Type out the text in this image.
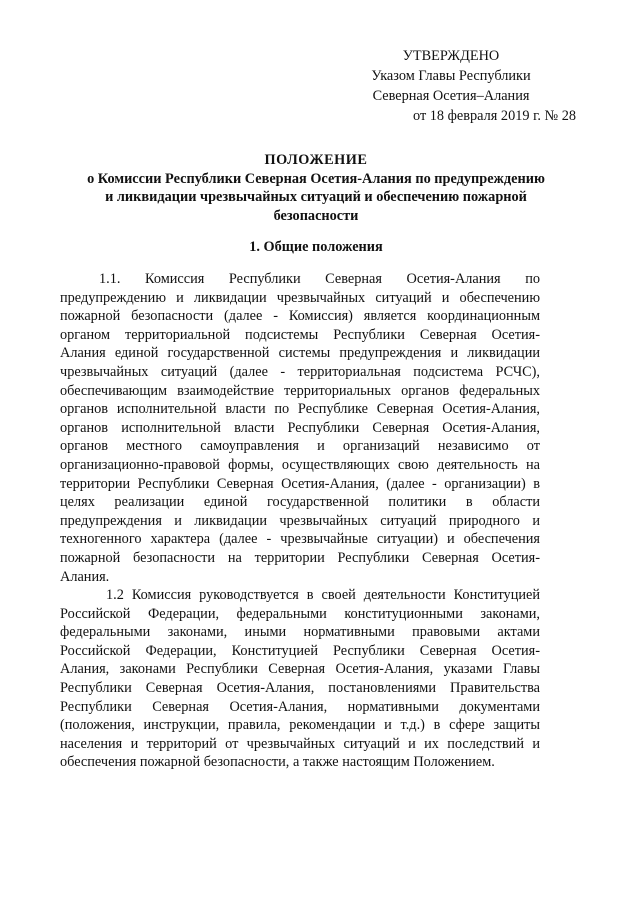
УТВЕРЖДЕНО
Указом Главы Республики
Северная Осетия–Алания
от 18 февраля 2019 г. № 28
ПОЛОЖЕНИЕ
о Комиссии Республики Северная Осетия-Алания по предупреждению
и ликвидации чрезвычайных ситуаций и обеспечению пожарной
безопасности
1. Общие положения
1.1. Комиссия Республики Северная Осетия-Алания по
предупреждению и ликвидации чрезвычайных ситуаций и обеспечению
пожарной безопасности (далее - Комиссия) является координационным
органом территориальной подсистемы Республики Северная Осетия-
Алания единой государственной системы предупреждения и ликвидации
чрезвычайных ситуаций (далее - территориальная подсистема РСЧС),
обеспечивающим взаимодействие территориальных органов федеральных
органов исполнительной власти по Республике Северная Осетия-Алания,
органов исполнительной власти Республики Северная Осетия-Алания,
органов местного самоуправления и организаций независимо от
организационно-правовой формы, осуществляющих свою деятельность на
территории Республики Северная Осетия-Алания, (далее - организации) в
целях реализации единой государственной политики в области
предупреждения и ликвидации чрезвычайных ситуаций природного и
техногенного характера (далее - чрезвычайные ситуации) и обеспечения
пожарной безопасности на территории Республики Северная Осетия-
Алания.
1.2 Комиссия руководствуется в своей деятельности Конституцией
Российской Федерации, федеральными конституционными законами,
федеральными законами, иными нормативными правовыми актами
Российской Федерации, Конституцией Республики Северная Осетия-
Алания, законами Республики Северная Осетия-Алания, указами Главы
Республики Северная Осетия-Алания, постановлениями Правительства
Республики Северная Осетия-Алания, нормативными документами
(положения, инструкции, правила, рекомендации и т.д.) в сфере защиты
населения и территорий от чрезвычайных ситуаций и их последствий и
обеспечения пожарной безопасности, а также настоящим Положением.
